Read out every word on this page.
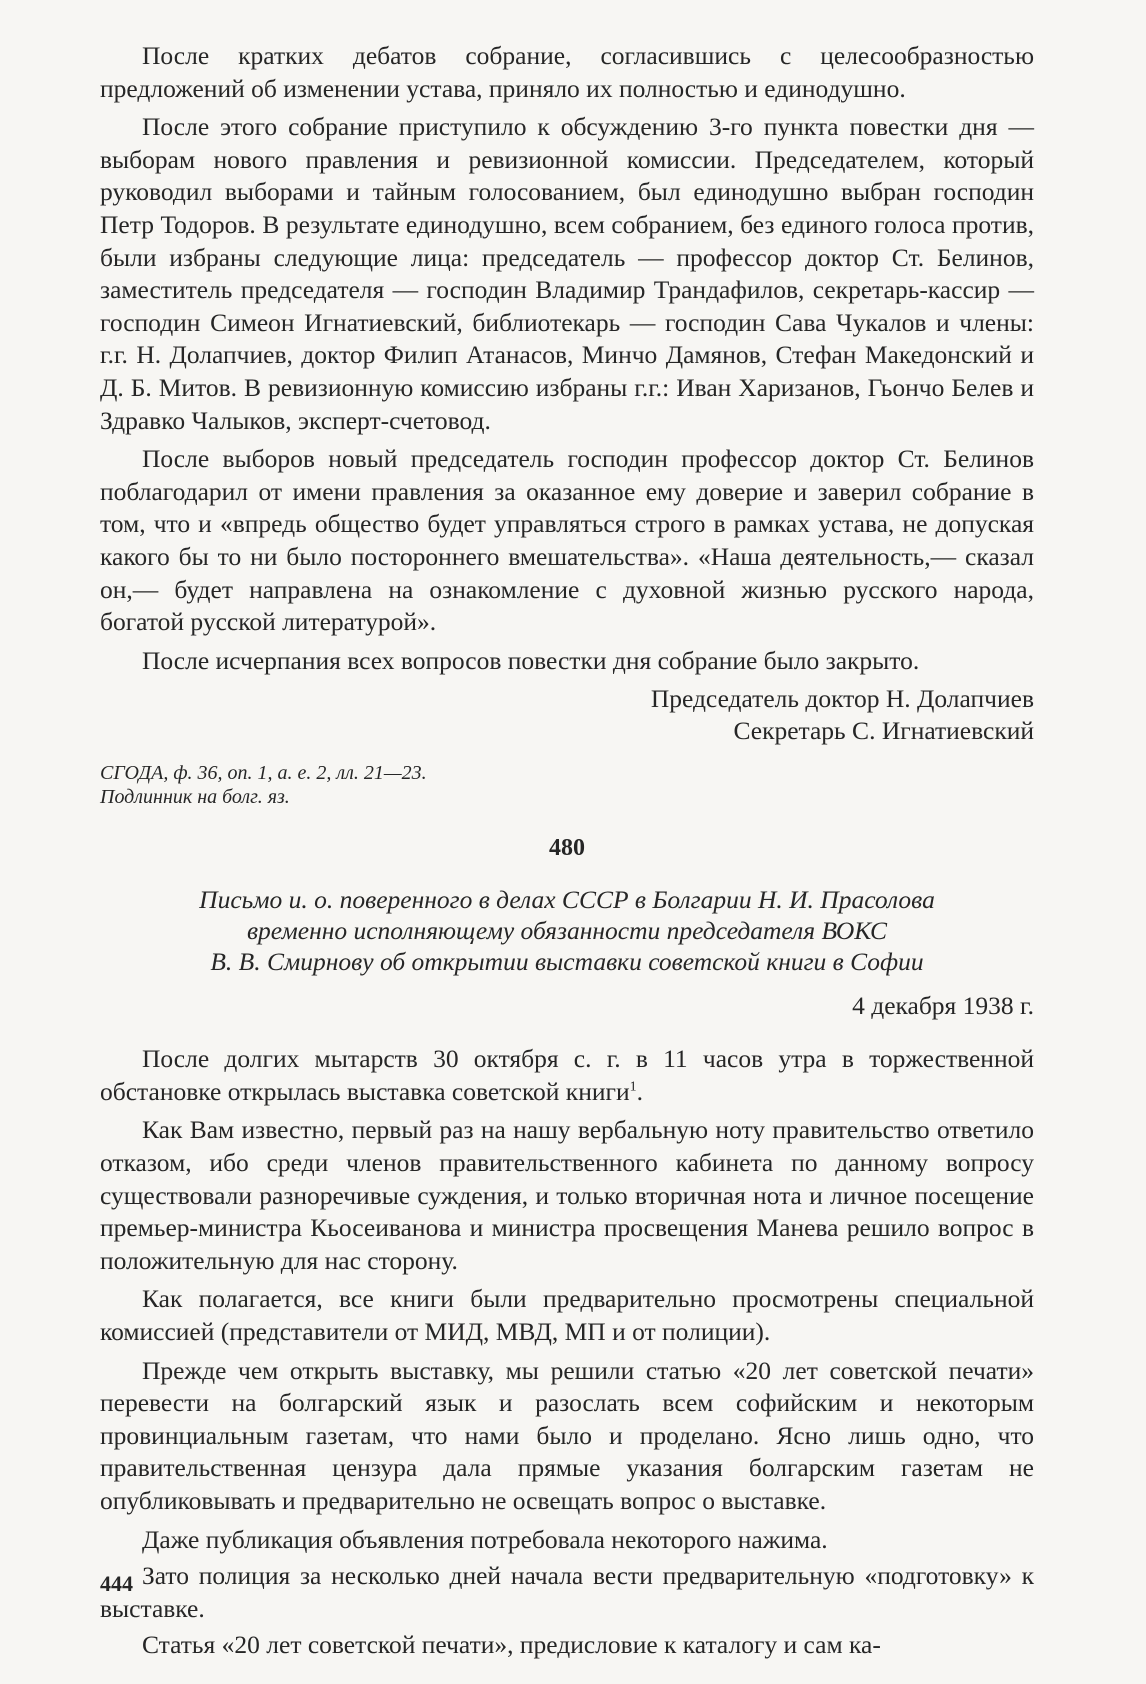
После кратких дебатов собрание, согласившись с целесообразностью предложений об изменении устава, приняло их полностью и единодушно.

После этого собрание приступило к обсуждению 3-го пункта повестки дня — выборам нового правления и ревизионной комиссии. Председателем, который руководил выборами и тайным голосованием, был единодушно выбран господин Петр Тодоров. В результате единодушно, всем собранием, без единого голоса против, были избраны следующие лица: председатель — профессор доктор Ст. Белинов, заместитель председателя — господин Владимир Трандафилов, секретарь-кассир — господин Симеон Игнатиевский, библиотекарь — господин Сава Чукалов и члены: г.г. Н. Долапчиев, доктор Филип Атанасов, Минчо Дамянов, Стефан Македонский и Д. Б. Митов. В ревизионную комиссию избраны г.г.: Иван Харизанов, Гьончо Белев и Здравко Чалыков, эксперт-счетовод.

После выборов новый председатель господин профессор доктор Ст. Белинов поблагодарил от имени правления за оказанное ему доверие и заверил собрание в том, что и «впредь общество будет управляться строго в рамках устава, не допуская какого бы то ни было постороннего вмешательства». «Наша деятельность,— сказал он,— будет направлена на ознакомление с духовной жизнью русского народа, богатой русской литературой».

После исчерпания всех вопросов повестки дня собрание было закрыто.

Председатель доктор Н. Долапчиев

Секретарь С. Игнатиевский

СГОДА, ф. 36, оп. 1, а. е. 2, лл. 21—23.
Подлинник на болг. яз.
480

Письмо и. о. поверенного в делах СССР в Болгарии Н. И. Прасолова

временно исполняющему обязанности председателя ВОКС

В. В. Смирнову об открытии выставки советской книги в Софии

4 декабря 1938 г.

После долгих мытарств 30 октября с. г. в 11 часов утра в торжественной обстановке открылась выставка советской книги$^1$.

Как Вам известно, первый раз на нашу вербальную ноту правительство ответило отказом, ибо среди членов правительственного кабинета по данному вопросу существовали разноречивые суждения, и только вторичная нота и личное посещение премьер-министра Кьосеиванова и министра просвещения Манева решило вопрос в положительную для нас сторону.

Как полагается, все книги были предварительно просмотрены специальной комиссией (представители от МИД, МВД, МП и от полиции).

Прежде чем открыть выставку, мы решили статью «20 лет советской печати» перевести на болгарский язык и разослать всем софийским и некоторым провинциальным газетам, что нами было и проделано. Ясно лишь одно, что правительственная цензура дала прямые указания болгарским газетам не опубликовывать и предварительно не освещать вопрос о выставке.

Даже публикация объявления потребовала некоторого нажима.

Зато полиция за несколько дней начала вести предварительную «подготовку» к выставке.

Статья «20 лет советской печати», предисловие к каталогу и сам ка-

444
